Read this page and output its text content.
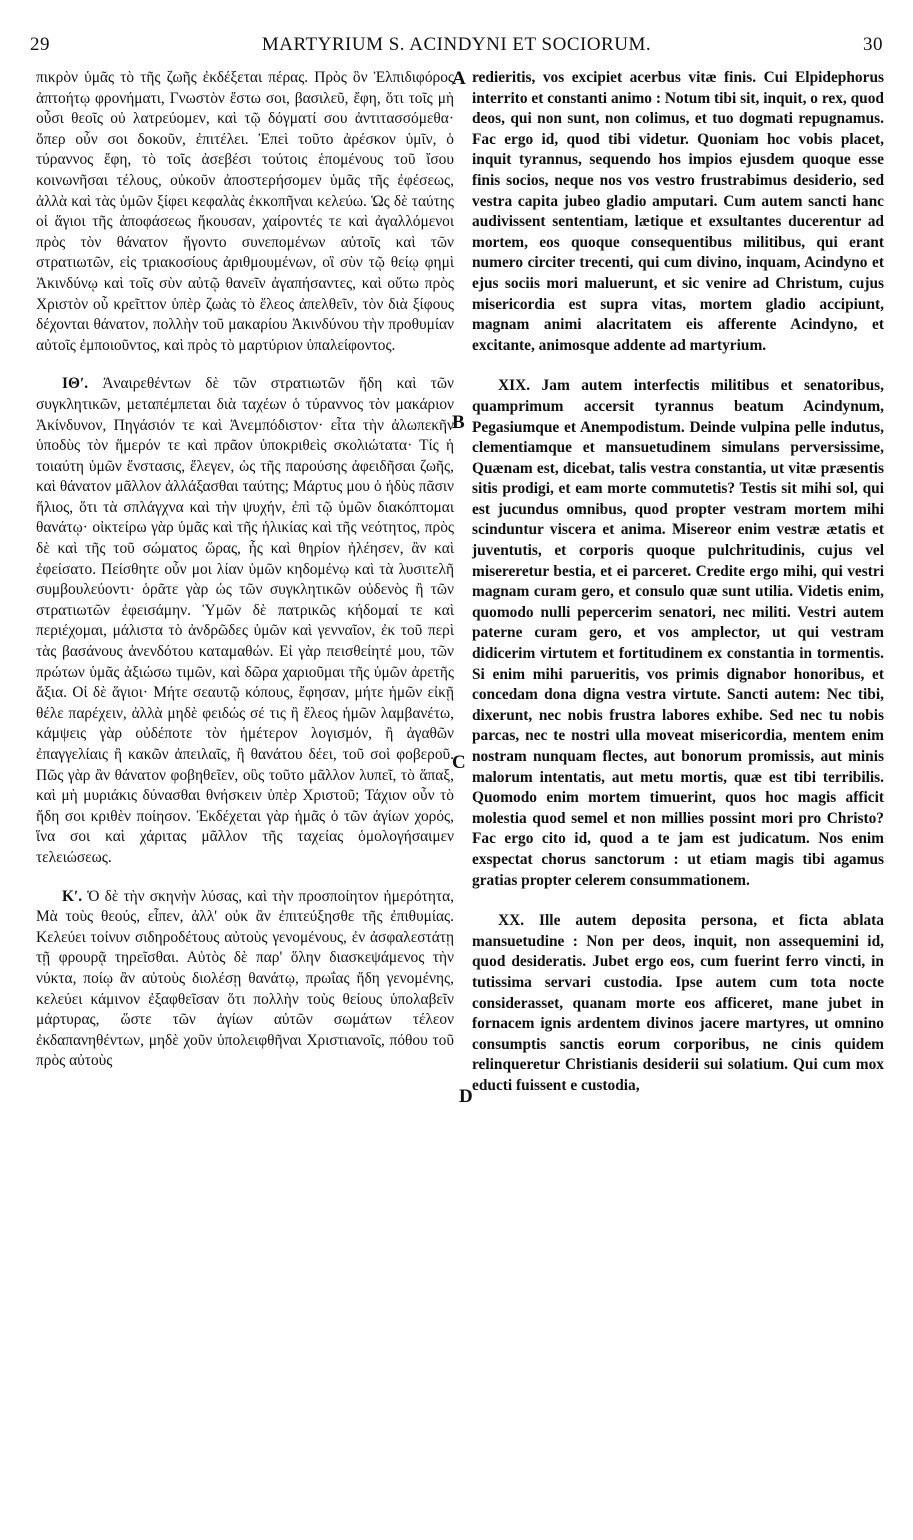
29	MARTYRIUM S. ACINDYNI ET SOCIORUM.	30

πικρὸν ὑμᾶς τὸ τῆς ζωῆς ἐκδέξεται πέρας. Πρὸς ὃν Ἐλπιδιφόρος ἀπτοήτῳ φρονήματι, Γνωστὸν ἔστω σοι, βασιλεῦ, ἔφη, ὅτι τοῖς μὴ οὖσι θεοῖς οὐ λατρεύομεν, καὶ τῷ δόγματί σου ἀντιτασσόμεθα· ὅπερ οὖν σοι δοκοῦν, ἐπιτέλει. Ἐπεὶ τοῦτο ἀρέσκον ὑμῖν, ὁ τύραννος ἔφη, τὸ τοῖς ἀσεβέσι τούτοις ἑπομένους τοῦ ἴσου κοινωνῆσαι τέλους, οὐκοῦν ἀποστερήσομεν ὑμᾶς τῆς ἐφέσεως, ἀλλὰ καὶ τὰς ὑμῶν ξίφει κεφαλὰς ἐκκοπῆναι κελεύω. Ὡς δὲ ταύτης οἱ ἅγιοι τῆς ἀποφάσεως ἤκουσαν, χαίροντές τε καὶ ἀγαλλόμενοι πρὸς τὸν θάνατον ἤγοντο συνεπομένων αὐτοῖς καὶ τῶν στρατιωτῶν, εἰς τριακοσίους ἀριθμουμένων, οἳ σὺν τῷ θείῳ φημὶ Ἀκινδύνῳ καὶ τοῖς σὺν αὐτῷ θανεῖν ἀγαπήσαντες, καὶ οὕτω πρὸς Χριστὸν οὗ κρεῖττον ὑπὲρ ζωὰς τὸ ἔλεος ἀπελθεῖν, τὸν διὰ ξίφους δέχονται θάνατον, πολλὴν τοῦ μακαρίου Ἀκινδύνου τὴν προθυμίαν αὐτοῖς ἐμποιοῦντος, καὶ πρὸς τὸ μαρτύριον ὑπαλείφοντος.

ΙΘʹ. Ἀναιρεθέντων δὲ τῶν στρατιωτῶν ἤδη καὶ τῶν συγκλητικῶν, μεταπέμπεται διὰ ταχέων ὁ τύραννος τὸν μακάριον Ἀκίνδυνον, Πηγάσιόν τε καὶ Ἀνεμπόδιστον· εἶτα τὴν ἀλωπεκῆν ὑποδὺς τὸν ἥμερόν τε καὶ πρᾶον ὑποκριθεὶς σκολιώτατα· Τίς ἡ τοιαύτη ὑμῶν ἔνστασις, ἔλεγεν, ὡς τῆς παρούσης ἀφειδῆσαι ζωῆς, καὶ θάνατον μᾶλλον ἀλλάξασθαι ταύτης; Μάρτυς μου ὁ ἡδὺς πᾶσιν ἥλιος, ὅτι τὰ σπλάγχνα καὶ τὴν ψυχήν, ἐπὶ τῷ ὑμῶν διακόπτομαι θανάτῳ· οἰκτείρω γὰρ ὑμᾶς καὶ τῆς ἡλικίας καὶ τῆς νεότητος, πρὸς δὲ καὶ τῆς τοῦ σώματος ὥρας, ἧς καὶ θηρίον ἠλέησεν, ἂν καὶ ἐφείσατο. Πείσθητε οὖν μοι λίαν ὑμῶν κηδομένῳ καὶ τὰ λυσιτελῆ συμβουλεύοντι· ὁρᾶτε γὰρ ὡς τῶν συγκλητικῶν οὐδενὸς ἢ τῶν στρατιωτῶν ἐφεισάμην. Ὑμῶν δὲ πατρικῶς κήδομαί τε καὶ περιέχομαι, μάλιστα τὸ ἀνδρῶδες ὑμῶν καὶ γενναῖον, ἐκ τοῦ περὶ τὰς βασάνους ἀνενδότου καταμαθών. Εἰ γὰρ πεισθείητέ μου, τῶν πρώτων ὑμᾶς ἀξιώσω τιμῶν, καὶ δῶρα χαριοῦμαι τῆς ὑμῶν ἀρετῆς ἄξια. Οἱ δὲ ἅγιοι· Μήτε σεαυτῷ κόπους, ἔφησαν, μήτε ἡμῶν εἰκῇ θέλε παρέχειν, ἀλλὰ μηδὲ φειδώς σέ τις ἢ ἔλεος ἡμῶν λαμβανέτω, κάμψεις γὰρ οὐδέποτε τὸν ἡμέτερον λογισμόν, ἢ ἀγαθῶν ἐπαγγελίαις ἢ κακῶν ἀπειλαῖς, ἢ θανάτου δέει, τοῦ σοὶ φοβεροῦ. Πῶς γὰρ ἂν θάνατον φοβηθεῖεν, οὓς τοῦτο μᾶλλον λυπεῖ, τὸ ἅπαξ, καὶ μὴ μυριάκις δύνασθαι θνήσκειν ὑπὲρ Χριστοῦ; Τάχιον οὖν τὸ ἤδη σοι κριθὲν ποίησον. Ἐκδέχεται γὰρ ἡμᾶς ὁ τῶν ἁγίων χορός, ἵνα σοι καὶ χάριτας μᾶλλον τῆς ταχείας ὁμολογήσαιμεν τελειώσεως.

Κʹ. Ὁ δὲ τὴν σκηνὴν λύσας, καὶ τὴν προσποίητον ἡμερότητα, Μὰ τοὺς θεούς, εἶπεν, ἀλλ' οὐκ ἂν ἐπιτεύξησθε τῆς ἐπιθυμίας. Κελεύει τοίνυν σιδηροδέτους αὐτοὺς γενομένους, ἐν ἀσφαλεστάτῃ τῇ φρουρᾷ τηρεῖσθαι. Αὐτὸς δὲ παρ' ὅλην διασκεψάμενος τὴν νύκτα, ποίῳ ἂν αὐτοὺς διολέσῃ θανάτῳ, πρωΐας ἤδη γενομένης, κελεύει κάμινον ἐξαφθεῖσαν ὅτι πολλὴν τοὺς θείους ὑπολαβεῖν μάρτυρας, ὥστε τῶν ἁγίων αὐτῶν σωμάτων τέλεον ἐκδαπανηθέντων, μηδὲ χοῦν ὑπολειφθῆναι Χριστιανοῖς, πόθου τοῦ πρὸς αὐτοὺς

redieritis, vos excipiet acerbus vitæ finis. Cui Elpidephorus interrito et constanti animo : Notum tibi sit, inquit, o rex, quod deos, qui non sunt, non colimus, et tuo dogmati repugnamus. Fac ergo id, quod tibi videtur. Quoniam hoc vobis placet, inquit tyrannus, sequendo hos impios ejusdem quoque esse finis socios, neque nos vos vestro frustrabimus desiderio, sed vestra capita jubeo gladio amputari. Cum autem sancti hanc audivissent sententiam, lætique et exsultantes ducerentur ad mortem, eos quoque consequentibus militibus, qui erant numero circiter trecenti, qui cum divino, inquam, Acindyno et ejus sociis mori maluerunt, et sic venire ad Christum, cujus misericordia est supra vitas, mortem gladio accipiunt, magnam animi alacritatem eis afferente Acindyno, et excitante, animosque addente ad martyrium.

XIX. Jam autem interfectis militibus et senatoribus, quamprimum accersit tyrannus beatum Acindynum, Pegasiumque et Anempodistum. Deinde vulpina pelle indutus, clementiamque et mansuetudinem simulans perversissime, Quænam est, dicebat, talis vestra constantia, ut vitæ præsentis sitis prodigi, et eam morte commutetis? Testis sit mihi sol, qui est jucundus omnibus, quod propter vestram mortem mihi scinduntur viscera et anima. Misereor enim vestræ ætatis et juventutis, et corporis quoque pulchritudinis, cujus vel misereretur bestia, et ei parceret. Credite ergo mihi, qui vestri magnam curam gero, et consulo quæ sunt utilia. Videtis enim, quomodo nulli pepercerim senatori, nec militi. Vestri autem paterne curam gero, et vos amplector, ut qui vestram didicerim virtutem et fortitudinem ex constantia in tormentis. Si enim mihi parueritis, vos primis dignabor honoribus, et concedam dona digna vestra virtute. Sancti autem: Nec tibi, dixerunt, nec nobis frustra labores exhibe. Sed nec tu nobis parcas, nec te nostri ulla moveat misericordia, mentem enim nostram nunquam flectes, aut bonorum promissis, aut minis malorum intentatis, aut metu mortis, quæ est tibi terribilis. Quomodo enim mortem timuerint, quos hoc magis afficit molestia quod semel et non millies possint mori pro Christo? Fac ergo cito id, quod a te jam est judicatum. Nos enim exspectat chorus sanctorum : ut etiam magis tibi agamus gratias propter celerem consummationem.

XX. Ille autem deposita persona, et ficta ablata mansuetudine : Non per deos, inquit, non assequemini id, quod desideratis. Jubet ergo eos, cum fuerint ferro vincti, in tutissima servari custodia. Ipse autem cum tota nocte considerasset, quanam morte eos afficeret, mane jubet in fornacem ignis ardentem divinos jacere martyres, ut omnino consumptis sanctis eorum corporibus, ne cinis quidem relinqueretur Christianis desiderii sui solatium. Qui cum mox educti fuissent e custodia,

A
B
C
D
